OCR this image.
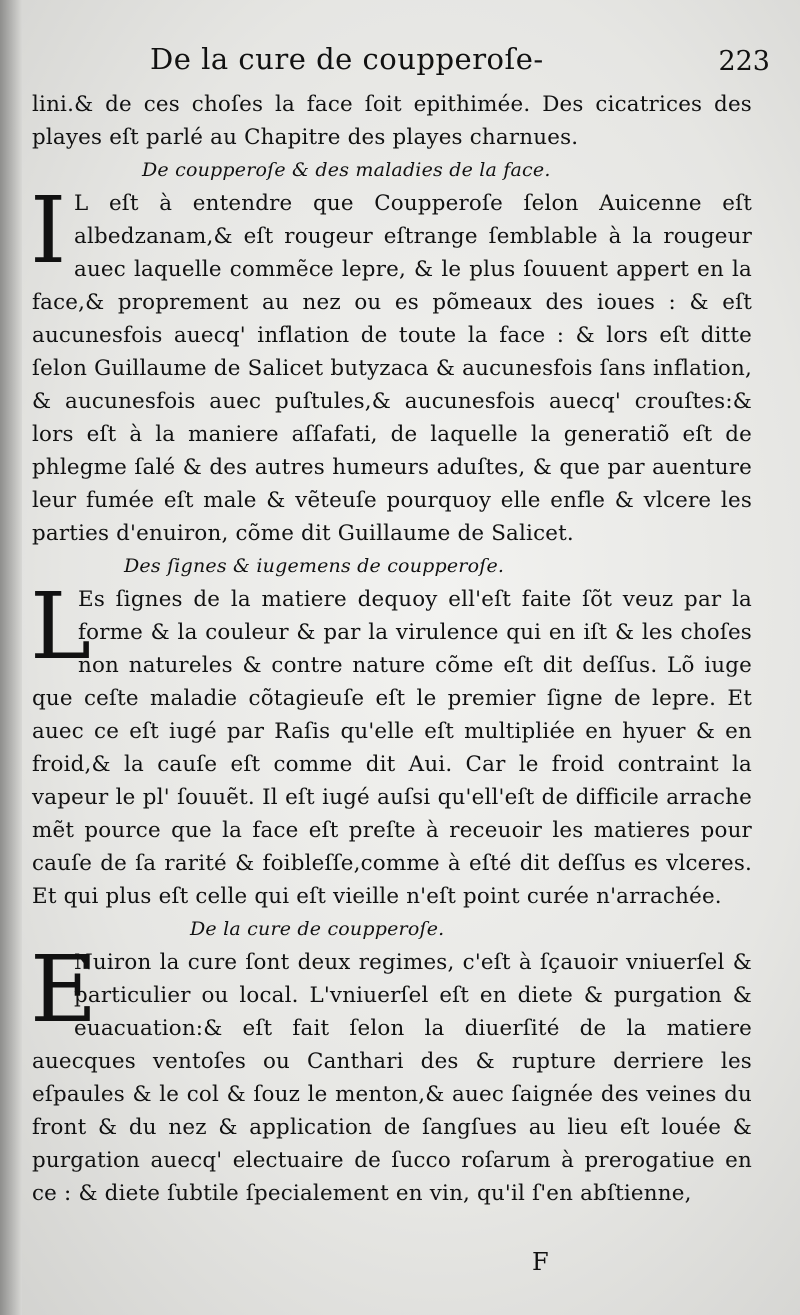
De la cure de coupperoſe-	223

lini.& de ces choſes la face ſoit epithimée. Des cicatrices des playes eſt parlé au Chapitre des playes charnues.

De coupperoſe & des maladies de la face.

I L eſt à entendre que Coupperoſe ſelon Auicenne eſt albedzanam,& eſt rougeur eſtrange ſemblable à la rougeur auec laquelle commẽce lepre, & le plus ſouuent appert en la face,& proprement au nez ou es põmeaux des ioues : & eſt aucunesfois auecq' inflation de toute la face : & lors eſt ditte ſelon Guillaume de Salicet butyzaca & aucunesfois ſans inflation, & aucunesfois auec puſtules,& aucunesfois auecq' crouſtes:& lors eſt à la maniere aſſafati, de laquelle la generatiõ eſt de phlegme ſalé & des autres humeurs aduſtes, & que par auenture leur fumée eſt male & vẽteuſe pourquoy elle enfle & vlcere les parties d'enuiron, cõme dit Guillaume de Salicet.

Des ſignes & iugemens de coupperoſe.

L

Es ſignes de la matiere dequoy ell'eſt faite ſõt veuz par la forme & la couleur & par la virulence qui en iſt & les choſes non natureles & contre nature cõme eſt dit deſſus. Lõ iuge que ceſte maladie cõtagieuſe eſt le premier ſigne de lepre. Et auec ce eſt iugé par Raſis qu'elle eſt multipliée en hyuer & en froid,& la cauſe eſt comme dit Aui. Car le froid contraint la vapeur le pl' ſouuẽt. Il eſt iugé auſsi qu'ell'eſt de difficile arrache mẽt pource que la face eſt preſte à receuoir les matieres pour cauſe de ſa rarité & foibleſſe,comme à eſté dit deſſus es vlceres. Et qui plus eſt celle qui eſt vieille n'eſt point curée n'arrachée.

De la cure de coupperoſe.

E

Nuiron la cure ſont deux regimes, c'eſt à ſçauoir vniuerſel & particulier ou local. L'vniuerſel eſt en diete & purgation & euacuation:& eſt fait ſelon la diuerſité de la matiere auecques ventoſes ou Canthari des & rupture derriere les eſpaules & le col & ſouz le menton,& auec ſaignée des veines du front & du nez & application de ſangſues au lieu eſt louée & purgation auecq' electuaire de ſucco roſarum à prerogatiue en ce : & diete ſubtile ſpecialement en vin, qu'il ſ'en abſtienne,

F
